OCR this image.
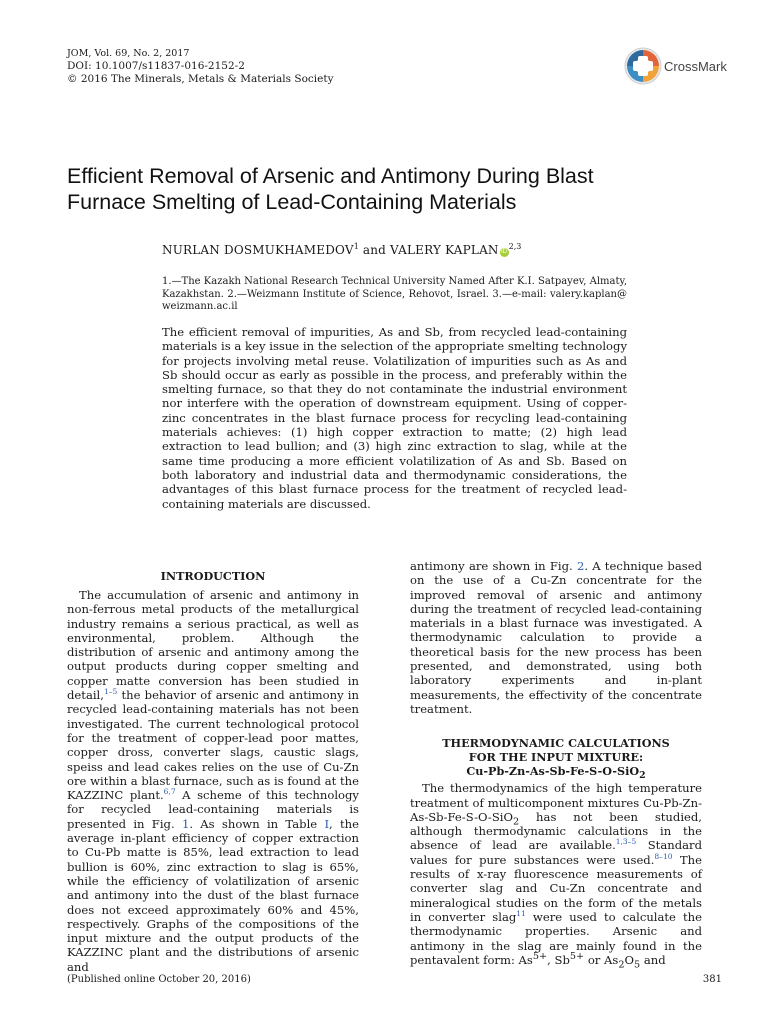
JOM, Vol. 69, No. 2, 2017
DOI: 10.1007/s11837-016-2152-2
© 2016 The Minerals, Metals & Materials Society
CrossMark
Efficient Removal of Arsenic and Antimony During Blast Furnace Smelting of Lead-Containing Materials
NURLAN DOSMUKHAMEDOV$^1$ and VALERY KAPLAN iD$^{2,3}$
1.—The Kazakh National Research Technical University Named After K.I. Satpayev, Almaty, Kazakhstan. 2.—Weizmann Institute of Science, Rehovot, Israel. 3.—e-mail: valery.kaplan@ weizmann.ac.il
The efficient removal of impurities, As and Sb, from recycled lead-containing materials is a key issue in the selection of the appropriate smelting technology for projects involving metal reuse. Volatilization of impurities such as As and Sb should occur as early as possible in the process, and preferably within the smelting furnace, so that they do not contaminate the industrial environment nor interfere with the operation of downstream equipment. Using of copper-zinc concentrates in the blast furnace process for recycling lead-containing materials achieves: (1) high copper extraction to matte; (2) high lead extraction to lead bullion; and (3) high zinc extraction to slag, while at the same time producing a more efficient volatilization of As and Sb. Based on both laboratory and industrial data and thermodynamic considerations, the advantages of this blast furnace process for the treatment of recycled lead-containing materials are discussed.
INTRODUCTION

The accumulation of arsenic and antimony in non-ferrous metal products of the metallurgical industry remains a serious practical, as well as environmental, problem. Although the distribution of arsenic and antimony among the output products during copper smelting and copper matte conversion has been studied in detail,$^{1-5}$ the behavior of arsenic and antimony in recycled lead-containing materials has not been investigated. The current technological protocol for the treatment of copper-lead poor mattes, copper dross, converter slags, caustic slags, speiss and lead cakes relies on the use of Cu-Zn ore within a blast furnace, such as is found at the KAZZINC plant.$^{6,7}$ A scheme of this technology for recycled lead-containing materials is presented in Fig. 1. As shown in Table I, the average in-plant efficiency of copper extraction to Cu-Pb matte is 85%, lead extraction to lead bullion is 60%, zinc extraction to slag is 65%, while the efficiency of volatilization of arsenic and antimony into the dust of the blast furnace does not exceed approximately 60% and 45%, respectively. Graphs of the compositions of the input mixture and the output products of the KAZZINC plant and the distributions of arsenic and

antimony are shown in Fig. 2. A technique based on the use of a Cu-Zn concentrate for the improved removal of arsenic and antimony during the treatment of recycled lead-containing materials in a blast furnace was investigated. A thermodynamic calculation to provide a theoretical basis for the new process has been presented, and demonstrated, using both laboratory experiments and in-plant measurements, the effectivity of the concentrate treatment.

THERMODYNAMIC CALCULATIONS
FOR THE INPUT MIXTURE:
Cu-Pb-Zn-As-Sb-Fe-S-O-SiO$_2$

The thermodynamics of the high temperature treatment of multicomponent mixtures Cu-Pb-Zn-As-Sb-Fe-S-O-SiO$_2$ has not been studied, although thermodynamic calculations in the absence of lead are available.$^{1,3-5}$ Standard values for pure substances were used.$^{8-10}$ The results of x-ray fluorescence measurements of converter slag and Cu-Zn concentrate and mineralogical studies on the form of the metals in converter slag$^{11}$ were used to calculate the thermodynamic properties. Arsenic and antimony in the slag are mainly found in the pentavalent form: $As^{5+}$, $Sb^{5+}$ or $As_2O_5$ and

(Published online October 20, 2016)	381
